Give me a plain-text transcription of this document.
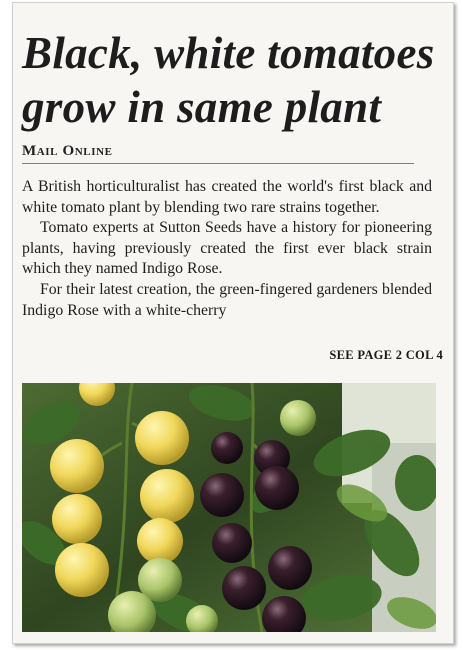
Black, white tomatoes grow in same plant
Mail Online

A British horticulturalist has created the world's first black and white tomato plant by blending two rare strains together.

Tomato experts at Sutton Seeds have a history for pioneering plants, having previously created the first ever black strain which they named Indigo Rose.

For their latest creation, the green-fingered gardeners blended Indigo Rose with a white-cherry

SEE PAGE 2 COL 4
